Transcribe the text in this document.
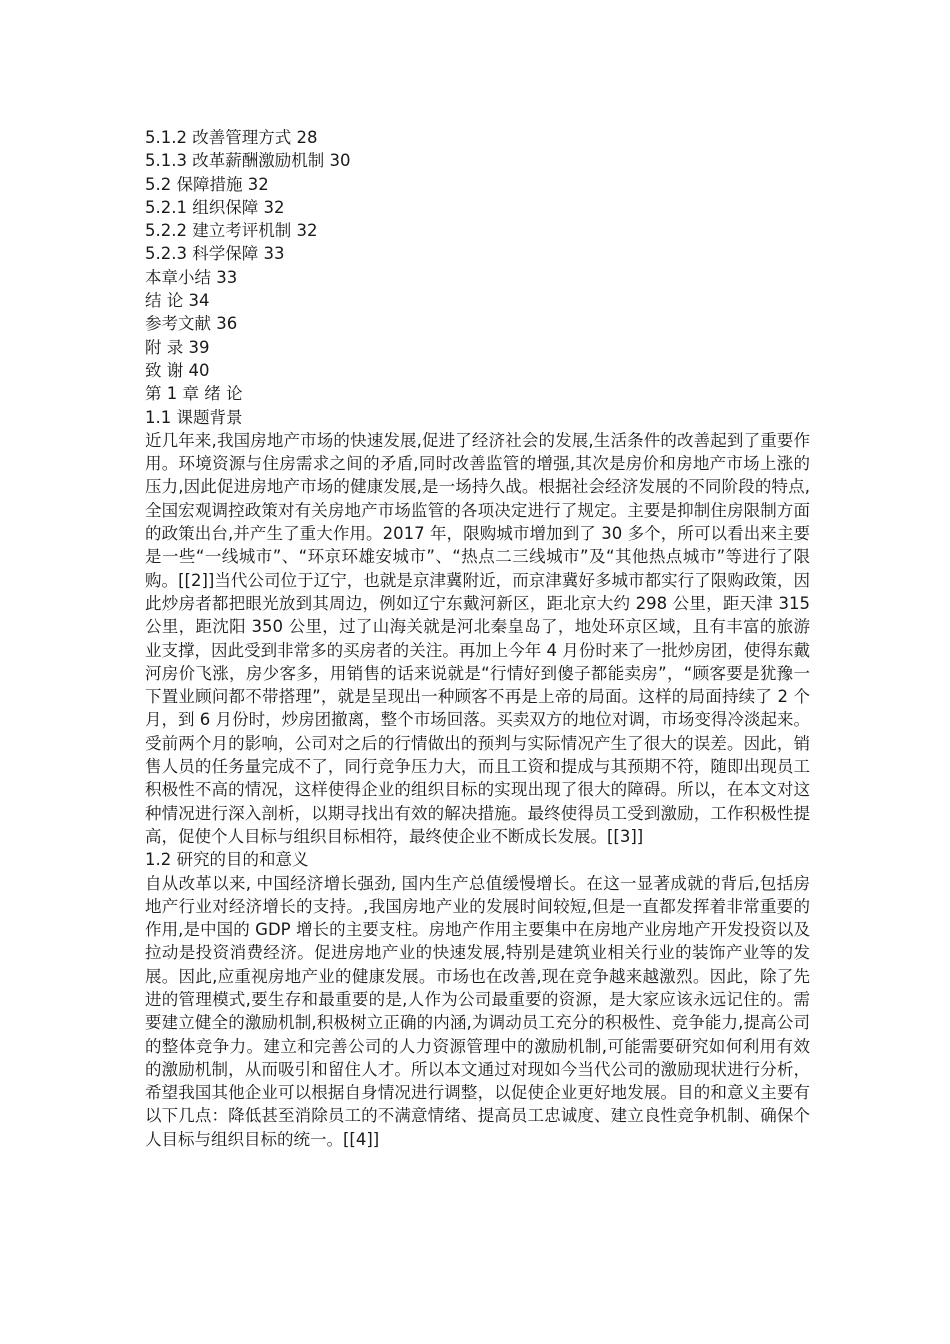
5.1.2 改善管理方式 28
5.1.3 改革薪酬激励机制 30
5.2 保障措施 32
5.2.1 组织保障 32
5.2.2 建立考评机制 32
5.2.3 科学保障 33
本章小结 33
结 论 34
参考文献 36
附 录 39
致 谢 40
第 1 章 绪 论
1.1 课题背景
近几年来,我国房地产市场的快速发展,促进了经济社会的发展,生活条件的改善起到了重要作用。环境资源与住房需求之间的矛盾,同时改善监管的增强,其次是房价和房地产市场上涨的压力,因此促进房地产市场的健康发展,是一场持久战。根据社会经济发展的不同阶段的特点,全国宏观调控政策对有关房地产市场监管的各项决定进行了规定。主要是抑制住房限制方面的政策出台,并产生了重大作用。2017 年，限购城市增加到了 30 多个，所可以看出来主要是一些“一线城市”、“环京环雄安城市”、“热点二三线城市”及“其他热点城市”等进行了限购。[[2]]当代公司位于辽宁，也就是京津冀附近，而京津冀好多城市都实行了限购政策，因此炒房者都把眼光放到其周边，例如辽宁东戴河新区，距北京大约 298 公里，距天津 315 公里，距沈阳 350 公里，过了山海关就是河北秦皇岛了，地处环京区域，且有丰富的旅游业支撑，因此受到非常多的买房者的关注。再加上今年 4 月份时来了一批炒房团，使得东戴河房价飞涨，房少客多，用销售的话来说就是“行情好到傻子都能卖房”，“顾客要是犹豫一下置业顾问都不带搭理”，就是呈现出一种顾客不再是上帝的局面。这样的局面持续了 2 个月，到 6 月份时，炒房团撤离，整个市场回落。买卖双方的地位对调，市场变得冷淡起来。受前两个月的影响，公司对之后的行情做出的预判与实际情况产生了很大的误差。因此，销售人员的任务量完成不了，同行竞争压力大，而且工资和提成与其预期不符，随即出现员工积极性不高的情况，这样使得企业的组织目标的实现出现了很大的障碍。所以，在本文对这种情况进行深入剖析，以期寻找出有效的解决措施。最终使得员工受到激励，工作积极性提高，促使个人目标与组织目标相符，最终使企业不断成长发展。[[3]]
1.2 研究的目的和意义
自从改革以来, 中国经济增长强劲, 国内生产总值缓慢增长。在这一显著成就的背后,包括房地产行业对经济增长的支持。,我国房地产业的发展时间较短,但是一直都发挥着非常重要的作用,是中国的 GDP 增长的主要支柱。房地产作用主要集中在房地产业房地产开发投资以及拉动是投资消费经济。促进房地产业的快速发展,特别是建筑业相关行业的装饰产业等的发展。因此,应重视房地产业的健康发展。市场也在改善,现在竞争越来越激烈。因此，除了先进的管理模式,要生存和最重要的是,人作为公司最重要的资源，是大家应该永远记住的。需要建立健全的激励机制,积极树立正确的内涵,为调动员工充分的积极性、竞争能力,提高公司的整体竞争力。建立和完善公司的人力资源管理中的激励机制,可能需要研究如何利用有效的激励机制，从而吸引和留住人才。所以本文通过对现如今当代公司的激励现状进行分析，希望我国其他企业可以根据自身情况进行调整，以促使企业更好地发展。目的和意义主要有以下几点：降低甚至消除员工的不满意情绪、提高员工忠诚度、建立良性竞争机制、确保个人目标与组织目标的统一。[[4]]
